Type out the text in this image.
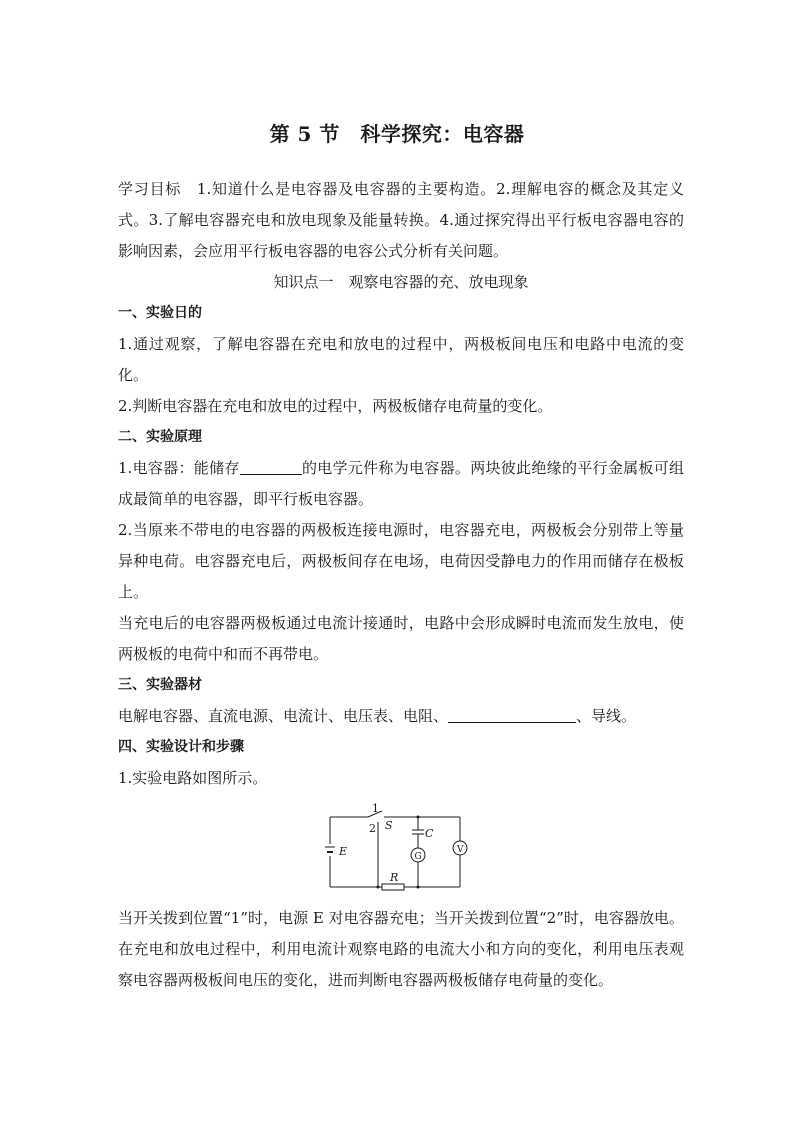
第 5 节　科学探究：电容器
学习目标　1.知道什么是电容器及电容器的主要构造。2.理解电容的概念及其定义式。3.了解电容器充电和放电现象及能量转换。4.通过探究得出平行板电容器电容的影响因素，会应用平行板电容器的电容公式分析有关问题。
知识点一　观察电容器的充、放电现象
一、实验日的
1.通过观察，了解电容器在充电和放电的过程中，两极板间电压和电路中电流的变化。
2.判断电容器在充电和放电的过程中，两极板储存电荷量的变化。
二、实验原理
1.电容器：能储存	的电学元件称为电容器。两块彼此绝缘的平行金属板可组成最简单的电容器，即平行板电容器。
2.当原来不带电的电容器的两极板连接电源时，电容器充电，两极板会分别带上等量异种电荷。电容器充电后，两极板间存在电场，电荷因受静电力的作用而储存在极板上。
当充电后的电容器两极板通过电流计接通时，电路中会形成瞬时电流而发生放电，使两极板的电荷中和而不再带电。
三、实验器材
电解电容器、直流电源、电流计、电压表、电阻、	、导线。
四、实验设计和步骤
1.实验电路如图所示。
1
2 S
C
G
V
E
R
当开关拨到位置“1”时，电源 E 对电容器充电；当开关拨到位置“2”时，电容器放电。在充电和放电过程中，利用电流计观察电路的电流大小和方向的变化，利用电压表观察电容器两极板间电压的变化，进而判断电容器两极板储存电荷量的变化。
